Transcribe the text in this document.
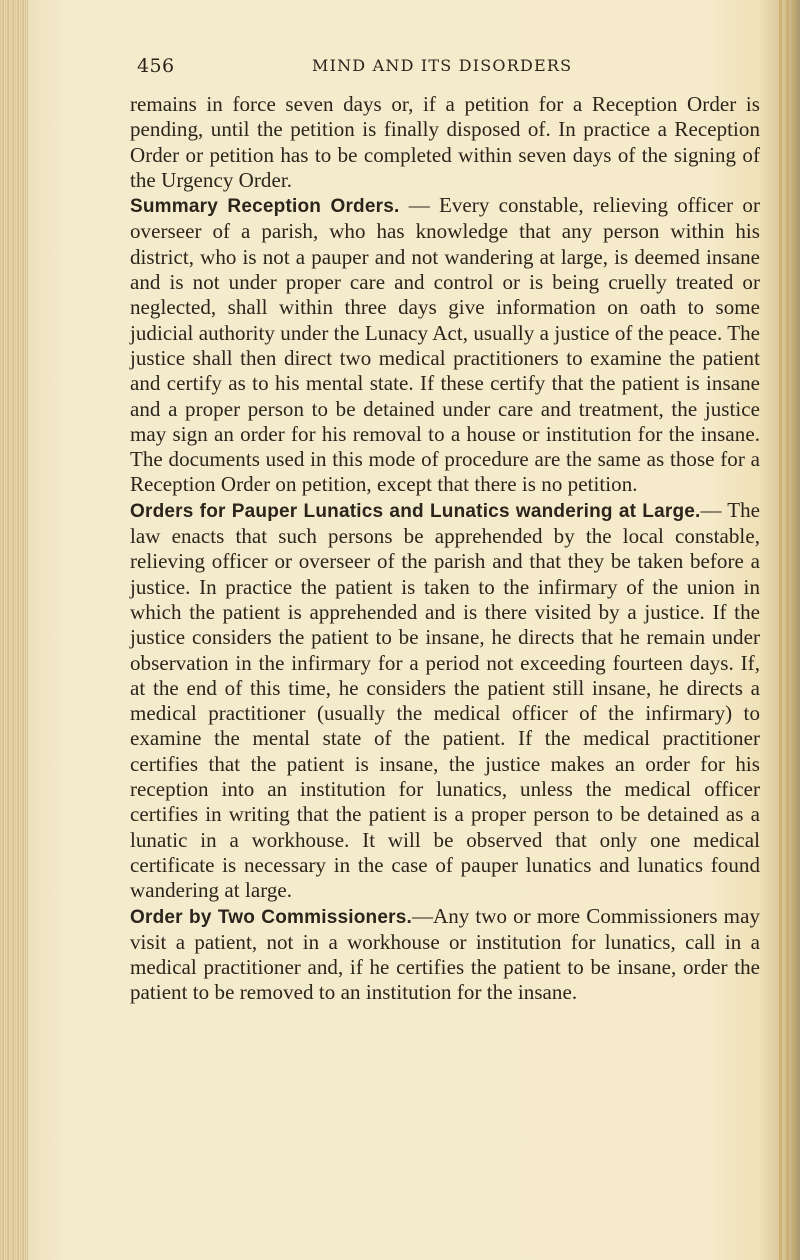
456	MIND AND ITS DISORDERS

remains in force seven days or, if a petition for a Reception Order is pending, until the petition is finally disposed of. In practice a Reception Order or petition has to be completed within seven days of the signing of the Urgency Order.

Summary Reception Orders. — Every constable, relieving officer or overseer of a parish, who has knowledge that any person within his district, who is not a pauper and not wandering at large, is deemed insane and is not under proper care and control or is being cruelly treated or neglected, shall within three days give information on oath to some judicial authority under the Lunacy Act, usually a justice of the peace. The justice shall then direct two medical practitioners to examine the patient and certify as to his mental state. If these certify that the patient is insane and a proper person to be detained under care and treatment, the justice may sign an order for his removal to a house or institution for the insane. The documents used in this mode of procedure are the same as those for a Reception Order on petition, except that there is no petition.

Orders for Pauper Lunatics and Lunatics wandering at Large.— The law enacts that such persons be apprehended by the local constable, relieving officer or overseer of the parish and that they be taken before a justice. In practice the patient is taken to the infirmary of the union in which the patient is apprehended and is there visited by a justice. If the justice considers the patient to be insane, he directs that he remain under observation in the infirmary for a period not exceeding fourteen days. If, at the end of this time, he considers the patient still insane, he directs a medical practitioner (usually the medical officer of the infirmary) to examine the mental state of the patient. If the medical practitioner certifies that the patient is insane, the justice makes an order for his reception into an institution for lunatics, unless the medical officer certifies in writing that the patient is a proper person to be detained as a lunatic in a workhouse. It will be observed that only one medical certificate is necessary in the case of pauper lunatics and lunatics found wandering at large.

Order by Two Commissioners.—Any two or more Commissioners may visit a patient, not in a workhouse or institution for lunatics, call in a medical practitioner and, if he certifies the patient to be insane, order the patient to be removed to an institution for the insane.
